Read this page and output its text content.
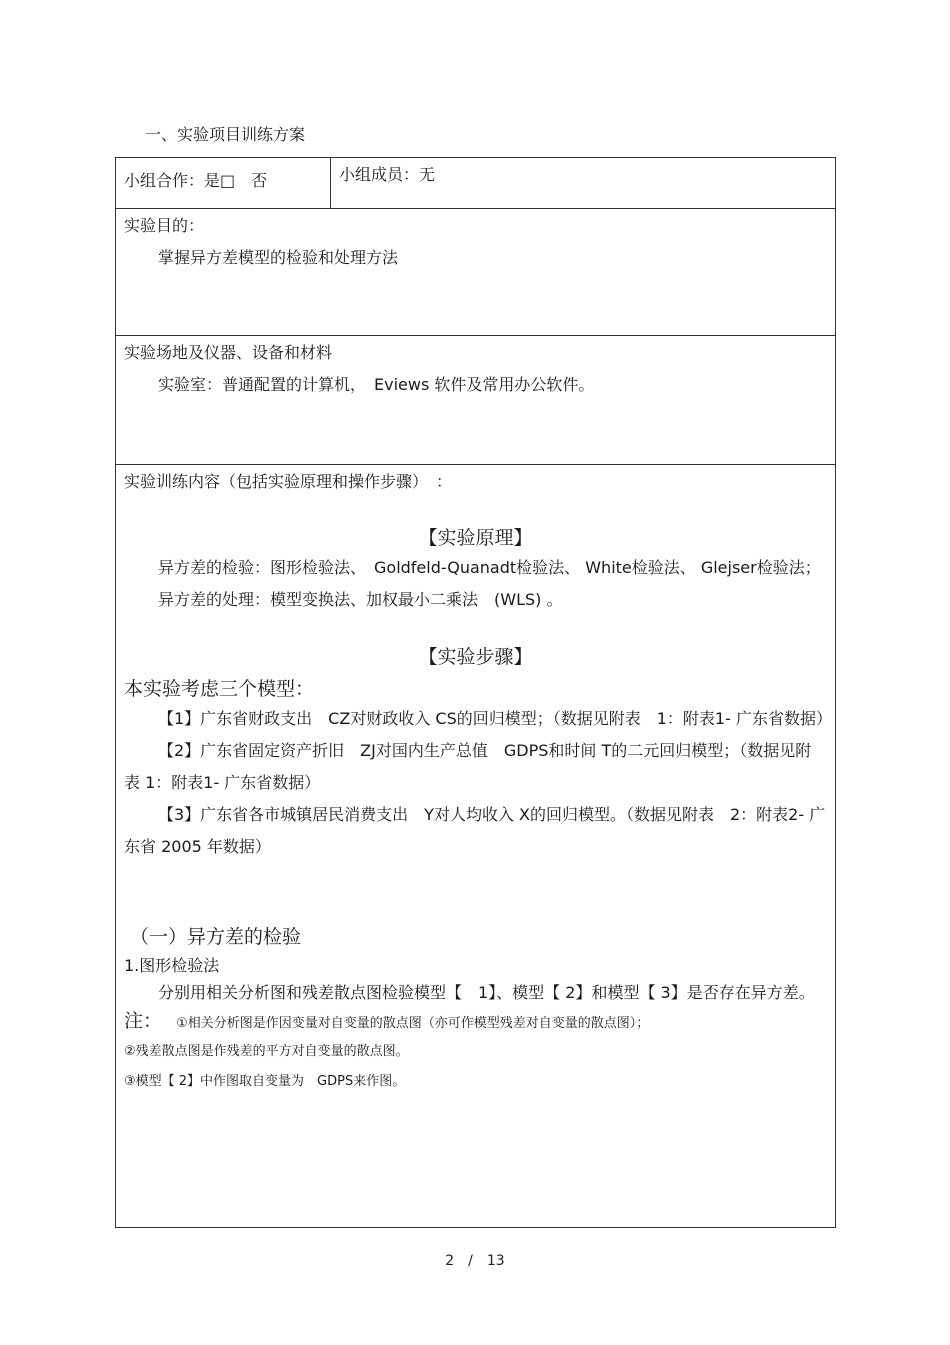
一、实验项目训练方案
小组合作：是□　否	小组成员：无

实验目的：
掌握异方差模型的检验和处理方法

实验场地及仪器、设备和材料
实验室：普通配置的计算机，　Eviews 软件及常用办公软件。

实验训练内容（包括实验原理和操作步骤）　：
【实验原理】
异方差的检验：图形检验法、　Goldfeld-Quanadt检验法、 White检验法、 Glejser检验法；
异方差的处理：模型变换法、加权最小二乘法　(WLS) 。
【实验步骤】
本实验考虑三个模型：
【1】广东省财政支出　CZ对财政收入 CS的回归模型；（数据见附表　1：附表1- 广东省数据）
【2】广东省固定资产折旧　ZJ对国内生产总值　GDPS和时间 T的二元回归模型；（数据见附表 1：附表1- 广东省数据）
【3】广东省各市城镇居民消费支出　Y对人均收入 X的回归模型。（数据见附表　2：附表2- 广东省 2005 年数据）
（一）异方差的检验
1.图形检验法
分别用相关分析图和残差散点图检验模型【　1】、模型【 2】和模型【 3】是否存在异方差。
注： ①相关分析图是作因变量对自变量的散点图（亦可作模型残差对自变量的散点图）；
②残差散点图是作残差的平方对自变量的散点图。
③模型【 2】中作图取自变量为　GDPS来作图。
2　/　13
